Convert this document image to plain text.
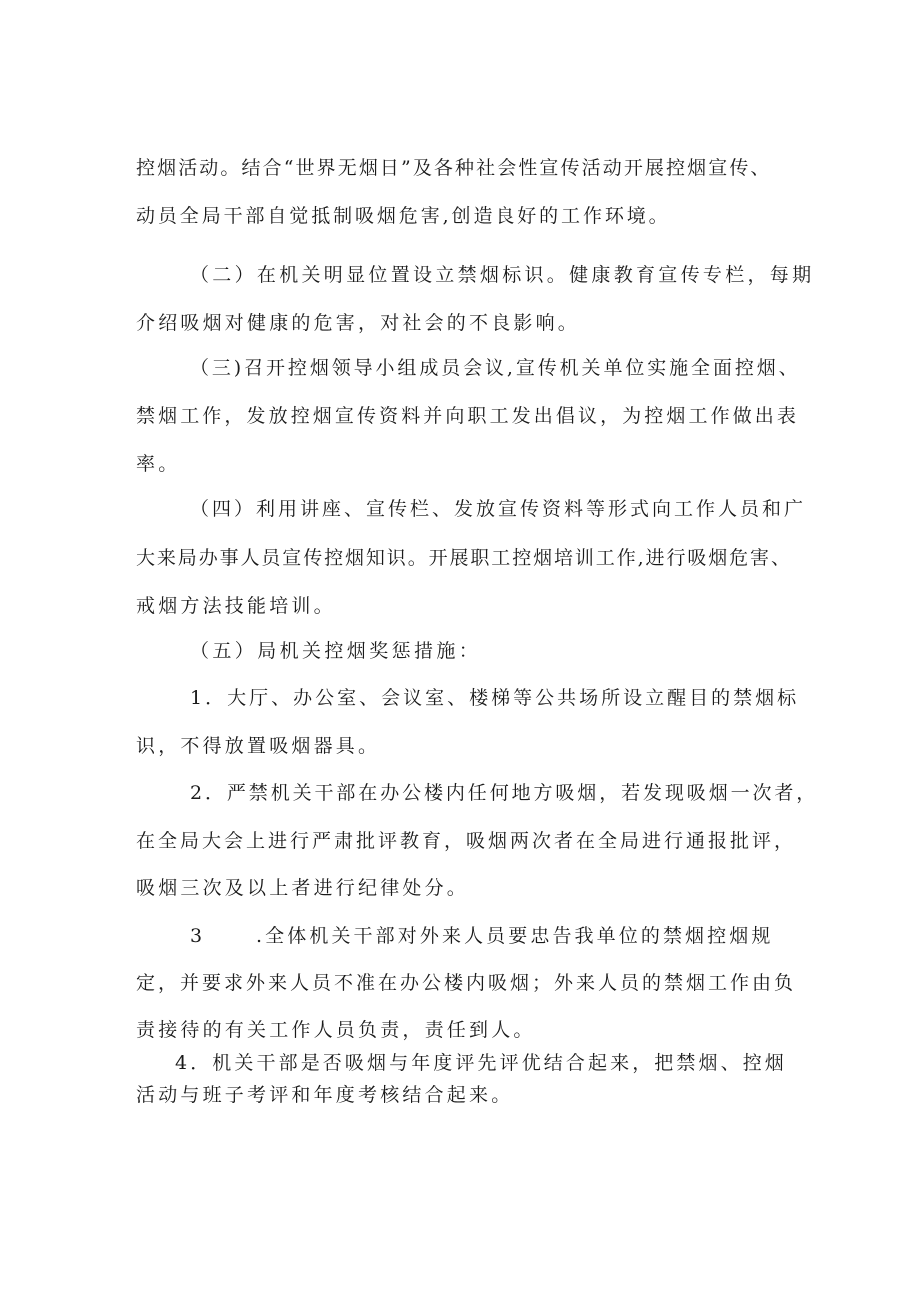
控烟活动。结合“世界无烟日”及各种社会性宣传活动开展控烟宣传、
动员全局干部自觉抵制吸烟危害,创造良好的工作环境。
（二）在机关明显位置设立禁烟标识。健康教育宣传专栏，每期
介绍吸烟对健康的危害，对社会的不良影响。
（三)召开控烟领导小组成员会议,宣传机关单位实施全面控烟、
禁烟工作，发放控烟宣传资料并向职工发出倡议，为控烟工作做出表
率。
（四）利用讲座、宣传栏、发放宣传资料等形式向工作人员和广
大来局办事人员宣传控烟知识。开展职工控烟培训工作,进行吸烟危害、
戒烟方法技能培训。
（五）局机关控烟奖惩措施：
1．大厅、办公室、会议室、楼梯等公共场所设立醒目的禁烟标
识，不得放置吸烟器具。
2．严禁机关干部在办公楼内任何地方吸烟，若发现吸烟一次者，
在全局大会上进行严肃批评教育，吸烟两次者在全局进行通报批评，
吸烟三次及以上者进行纪律处分。
3	.全体机关干部对外来人员要忠告我单位的禁烟控烟规
定，并要求外来人员不准在办公楼内吸烟；外来人员的禁烟工作由负
责接待的有关工作人员负责，责任到人。
4．机关干部是否吸烟与年度评先评优结合起来，把禁烟、控烟
活动与班子考评和年度考核结合起来。
